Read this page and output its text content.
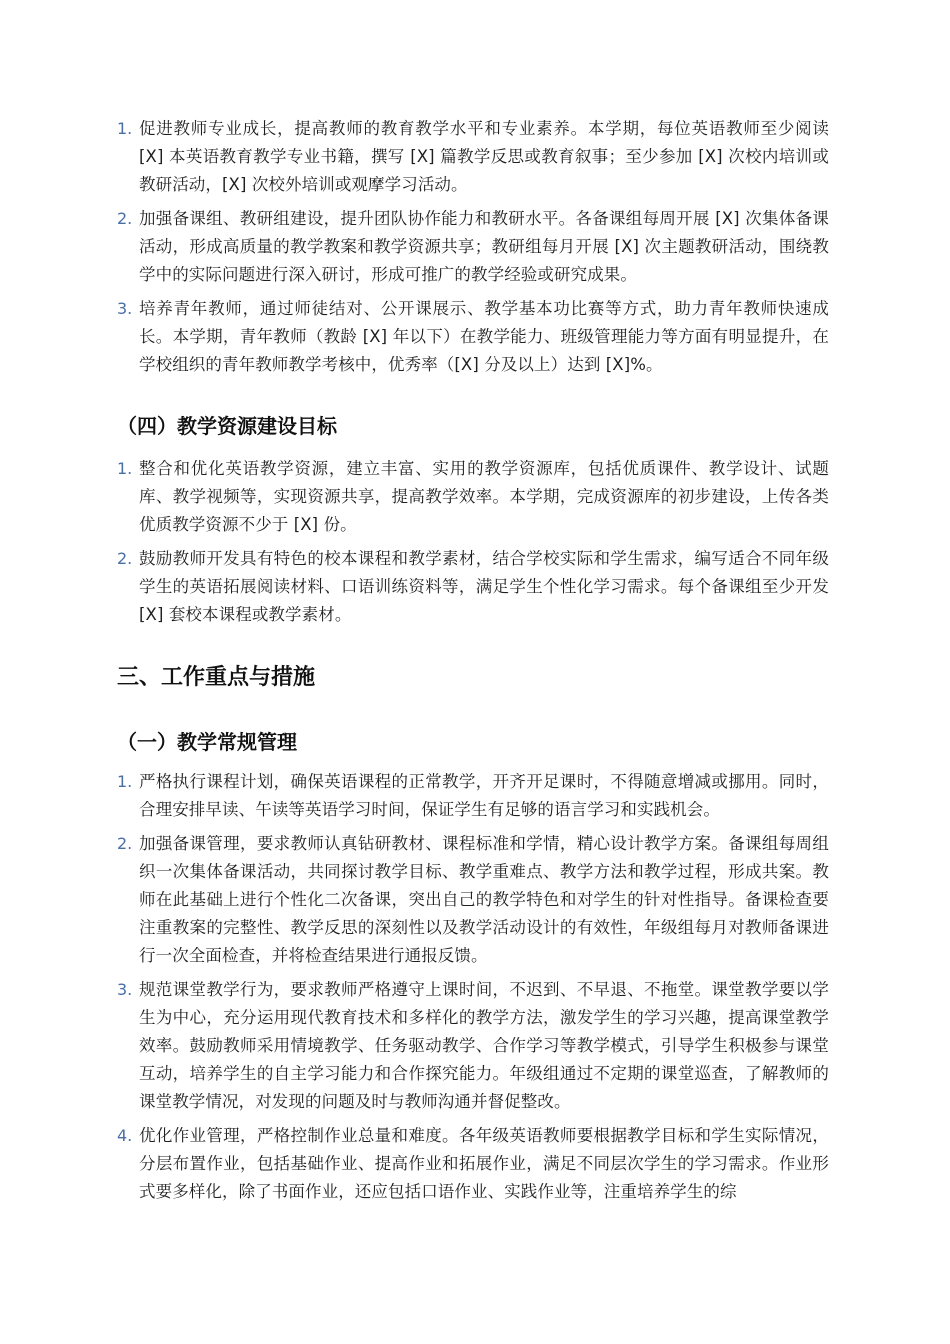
1. 促进教师专业成长，提高教师的教育教学水平和专业素养。本学期，每位英语教师至少阅读 [X] 本英语教育教学专业书籍，撰写 [X] 篇教学反思或教育叙事；至少参加 [X] 次校内培训或教研活动，[X] 次校外培训或观摩学习活动。
2. 加强备课组、教研组建设，提升团队协作能力和教研水平。各备课组每周开展 [X] 次集体备课活动，形成高质量的教学教案和教学资源共享；教研组每月开展 [X] 次主题教研活动，围绕教学中的实际问题进行深入研讨，形成可推广的教学经验或研究成果。
3. 培养青年教师，通过师徒结对、公开课展示、教学基本功比赛等方式，助力青年教师快速成长。本学期，青年教师（教龄 [X] 年以下）在教学能力、班级管理能力等方面有明显提升，在学校组织的青年教师教学考核中，优秀率（[X] 分及以上）达到 [X]%。
（四）教学资源建设目标
1. 整合和优化英语教学资源，建立丰富、实用的教学资源库，包括优质课件、教学设计、试题库、教学视频等，实现资源共享，提高教学效率。本学期，完成资源库的初步建设，上传各类优质教学资源不少于 [X] 份。
2. 鼓励教师开发具有特色的校本课程和教学素材，结合学校实际和学生需求，编写适合不同年级学生的英语拓展阅读材料、口语训练资料等，满足学生个性化学习需求。每个备课组至少开发 [X] 套校本课程或教学素材。
三、工作重点与措施
（一）教学常规管理
1. 严格执行课程计划，确保英语课程的正常教学，开齐开足课时，不得随意增减或挪用。同时，合理安排早读、午读等英语学习时间，保证学生有足够的语言学习和实践机会。
2. 加强备课管理，要求教师认真钻研教材、课程标准和学情，精心设计教学方案。备课组每周组织一次集体备课活动，共同探讨教学目标、教学重难点、教学方法和教学过程，形成共案。教师在此基础上进行个性化二次备课，突出自己的教学特色和对学生的针对性指导。备课检查要注重教案的完整性、教学反思的深刻性以及教学活动设计的有效性，年级组每月对教师备课进行一次全面检查，并将检查结果进行通报反馈。
3. 规范课堂教学行为，要求教师严格遵守上课时间，不迟到、不早退、不拖堂。课堂教学要以学生为中心，充分运用现代教育技术和多样化的教学方法，激发学生的学习兴趣，提高课堂教学效率。鼓励教师采用情境教学、任务驱动教学、合作学习等教学模式，引导学生积极参与课堂互动，培养学生的自主学习能力和合作探究能力。年级组通过不定期的课堂巡查，了解教师的课堂教学情况，对发现的问题及时与教师沟通并督促整改。
4. 优化作业管理，严格控制作业总量和难度。各年级英语教师要根据教学目标和学生实际情况，分层布置作业，包括基础作业、提高作业和拓展作业，满足不同层次学生的学习需求。作业形式要多样化，除了书面作业，还应包括口语作业、实践作业等，注重培养学生的综
